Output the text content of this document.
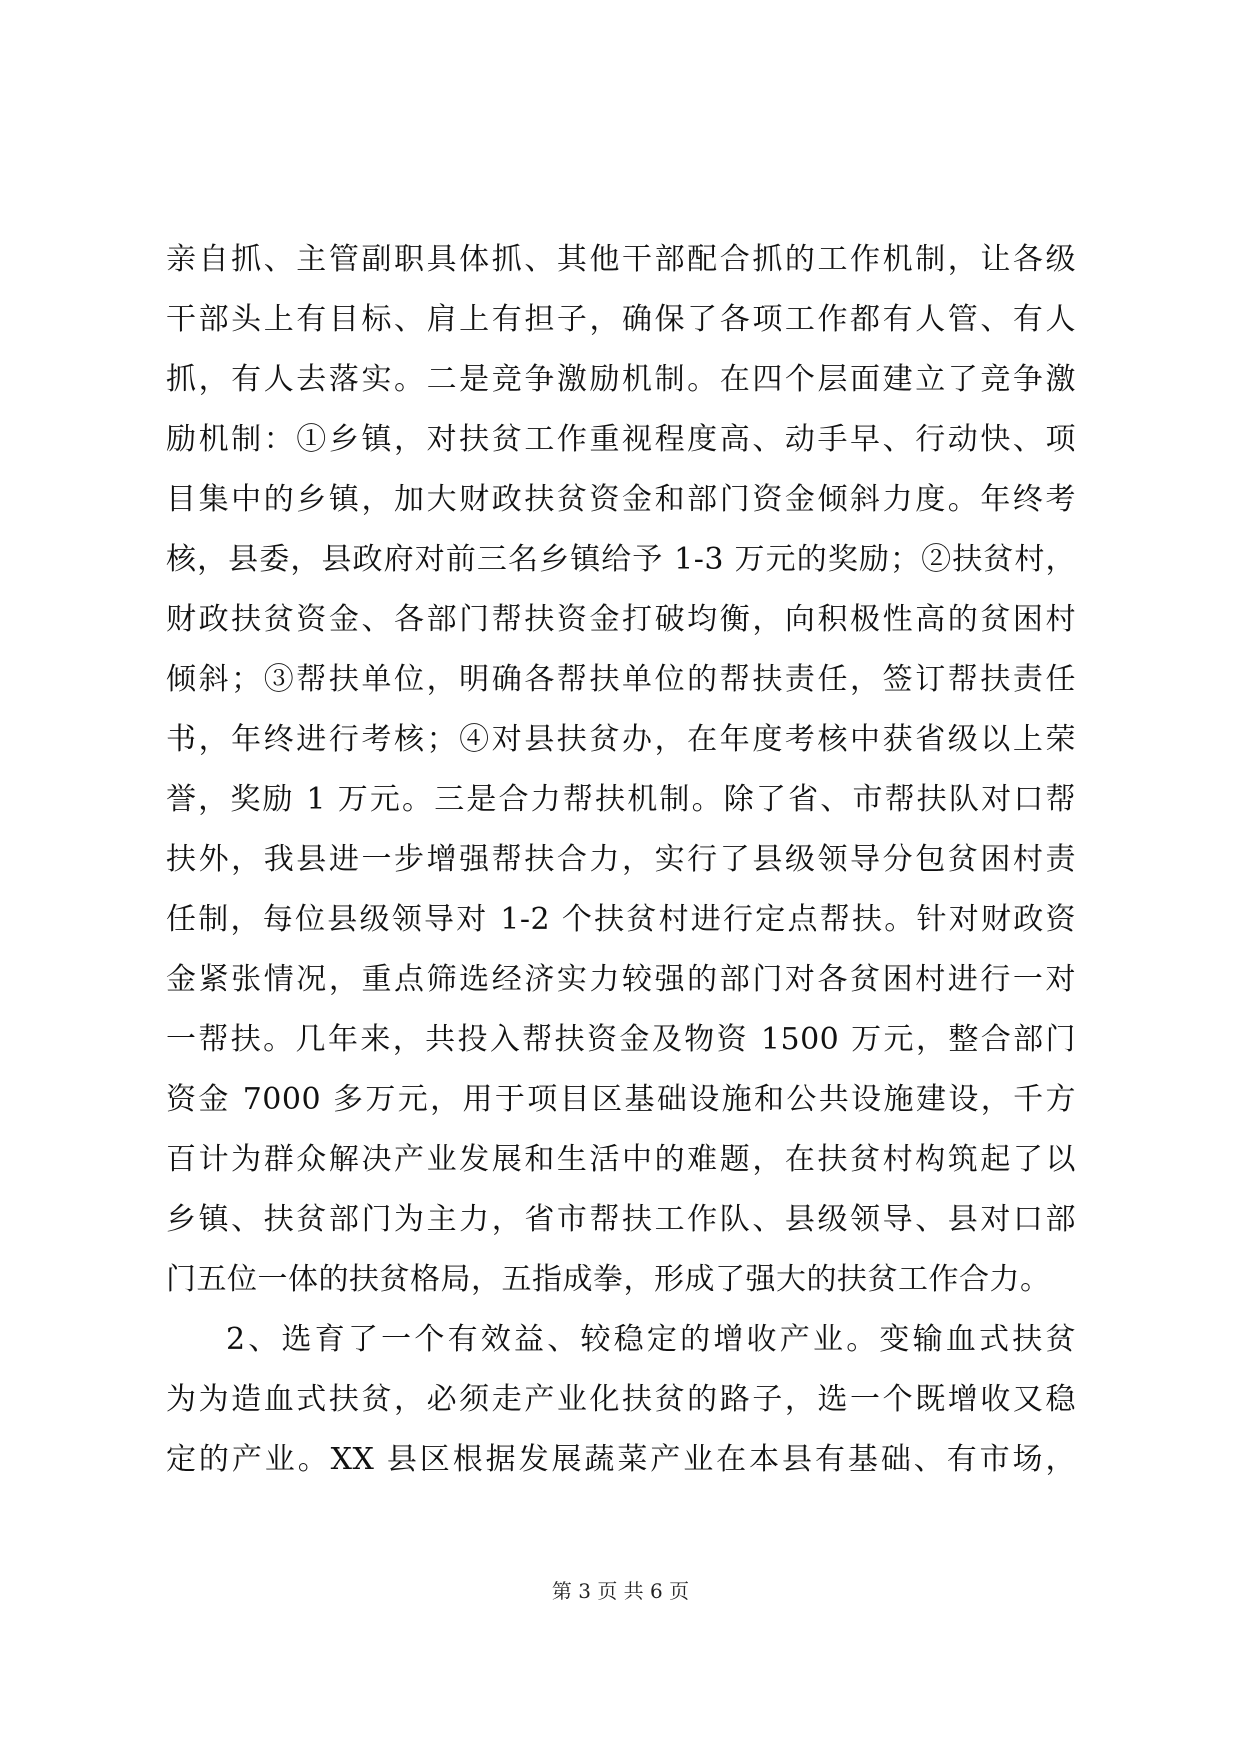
亲自抓、主管副职具体抓、其他干部配合抓的工作机制，让各级
干部头上有目标、肩上有担子，确保了各项工作都有人管、有人
抓，有人去落实。二是竞争激励机制。在四个层面建立了竞争激
励机制：①乡镇，对扶贫工作重视程度高、动手早、行动快、项
目集中的乡镇，加大财政扶贫资金和部门资金倾斜力度。年终考
核，县委，县政府对前三名乡镇给予 1-3 万元的奖励；②扶贫村，
财政扶贫资金、各部门帮扶资金打破均衡，向积极性高的贫困村
倾斜；③帮扶单位，明确各帮扶单位的帮扶责任，签订帮扶责任
书，年终进行考核；④对县扶贫办，在年度考核中获省级以上荣
誉，奖励 1 万元。三是合力帮扶机制。除了省、市帮扶队对口帮
扶外，我县进一步增强帮扶合力，实行了县级领导分包贫困村责
任制，每位县级领导对 1-2 个扶贫村进行定点帮扶。针对财政资
金紧张情况，重点筛选经济实力较强的部门对各贫困村进行一对
一帮扶。几年来，共投入帮扶资金及物资 1500 万元，整合部门
资金 7000 多万元，用于项目区基础设施和公共设施建设，千方
百计为群众解决产业发展和生活中的难题，在扶贫村构筑起了以
乡镇、扶贫部门为主力，省市帮扶工作队、县级领导、县对口部
门五位一体的扶贫格局，五指成拳，形成了强大的扶贫工作合力。
2、选育了一个有效益、较稳定的增收产业。变输血式扶贫
为为造血式扶贫，必须走产业化扶贫的路子，选一个既增收又稳
定的产业。XX 县区根据发展蔬菜产业在本县有基础、有市场，
第 3 页 共 6 页
